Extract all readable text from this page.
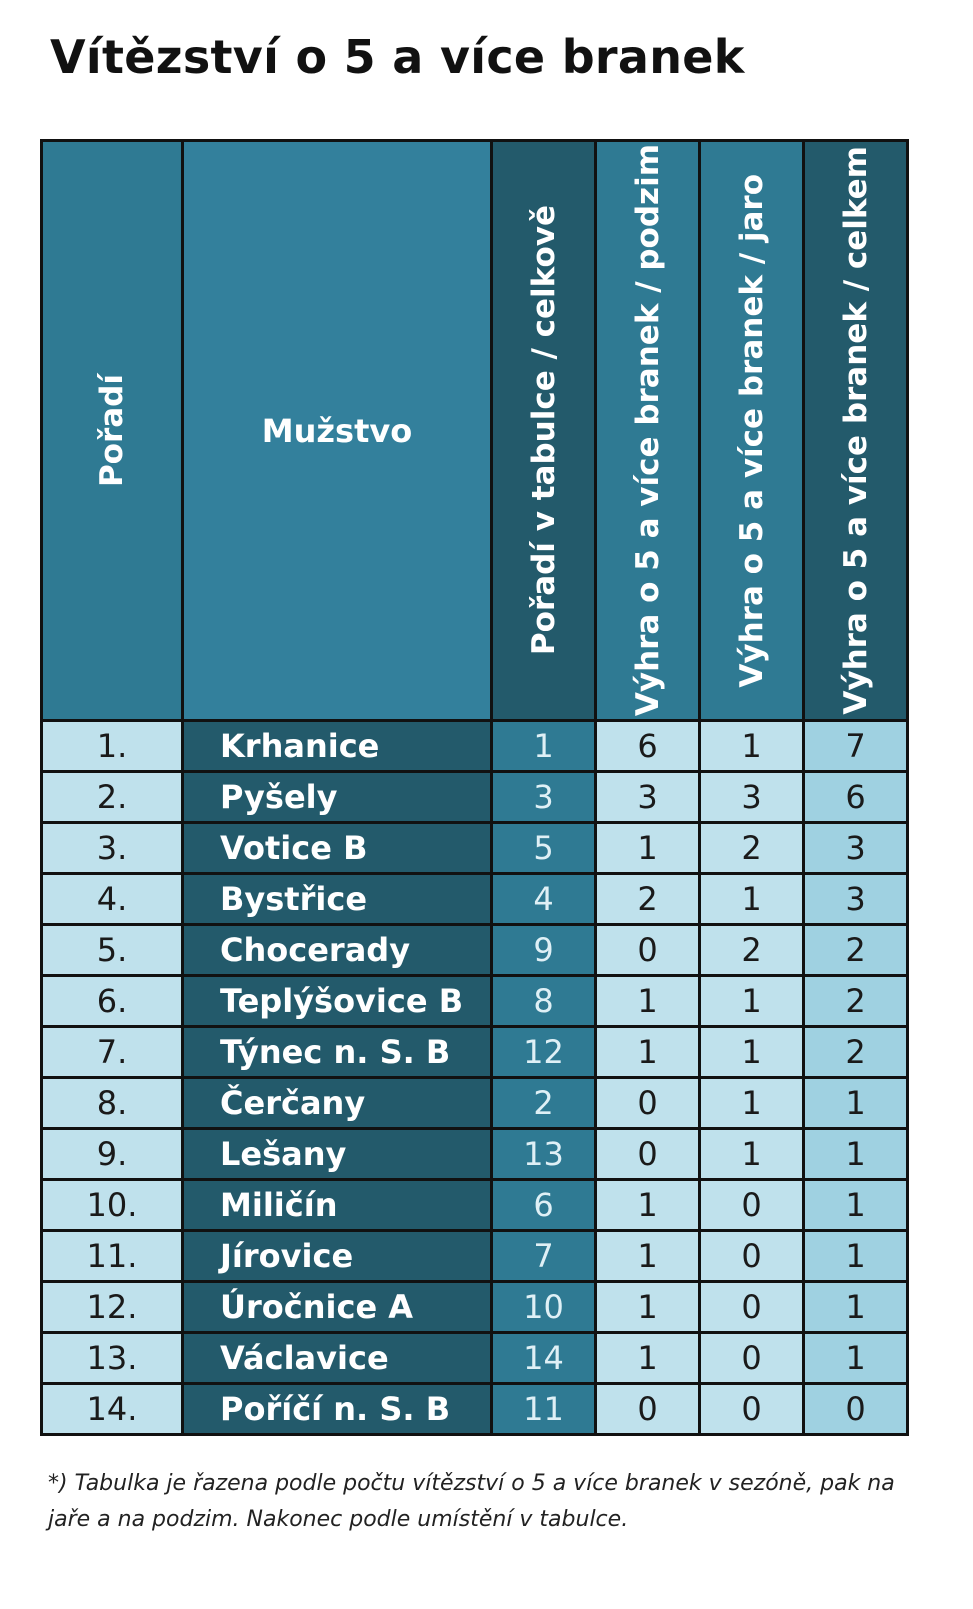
Vítězství o 5 a více branek
Pořadí	Mužstvo	Pořadí v tabulce / celkově	Výhra o 5 a více branek / podzim	Výhra o 5 a více branek / jaro	Výhra o 5 a více branek / celkem

1.	Krhanice	1	6	1	7
2.	Pyšely	3	3	3	6
3.	Votice B	5	1	2	3
4.	Bystřice	4	2	1	3
5.	Chocerady	9	0	2	2
6.	Teplýšovice B	8	1	1	2
7.	Týnec n. S. B	12	1	1	2
8.	Čerčany	2	0	1	1
9.	Lešany	13	0	1	1
10.	Miličín	6	1	0	1
11.	Jírovice	7	1	0	1
12.	Úročnice A	10	1	0	1
13.	Václavice	14	1	0	1
14.	Poříčí n. S. B	11	0	0	0
*) Tabulka je řazena podle počtu vítězství o 5 a více branek v sezóně, pak na jaře a na podzim. Nakonec podle umístění v tabulce.
